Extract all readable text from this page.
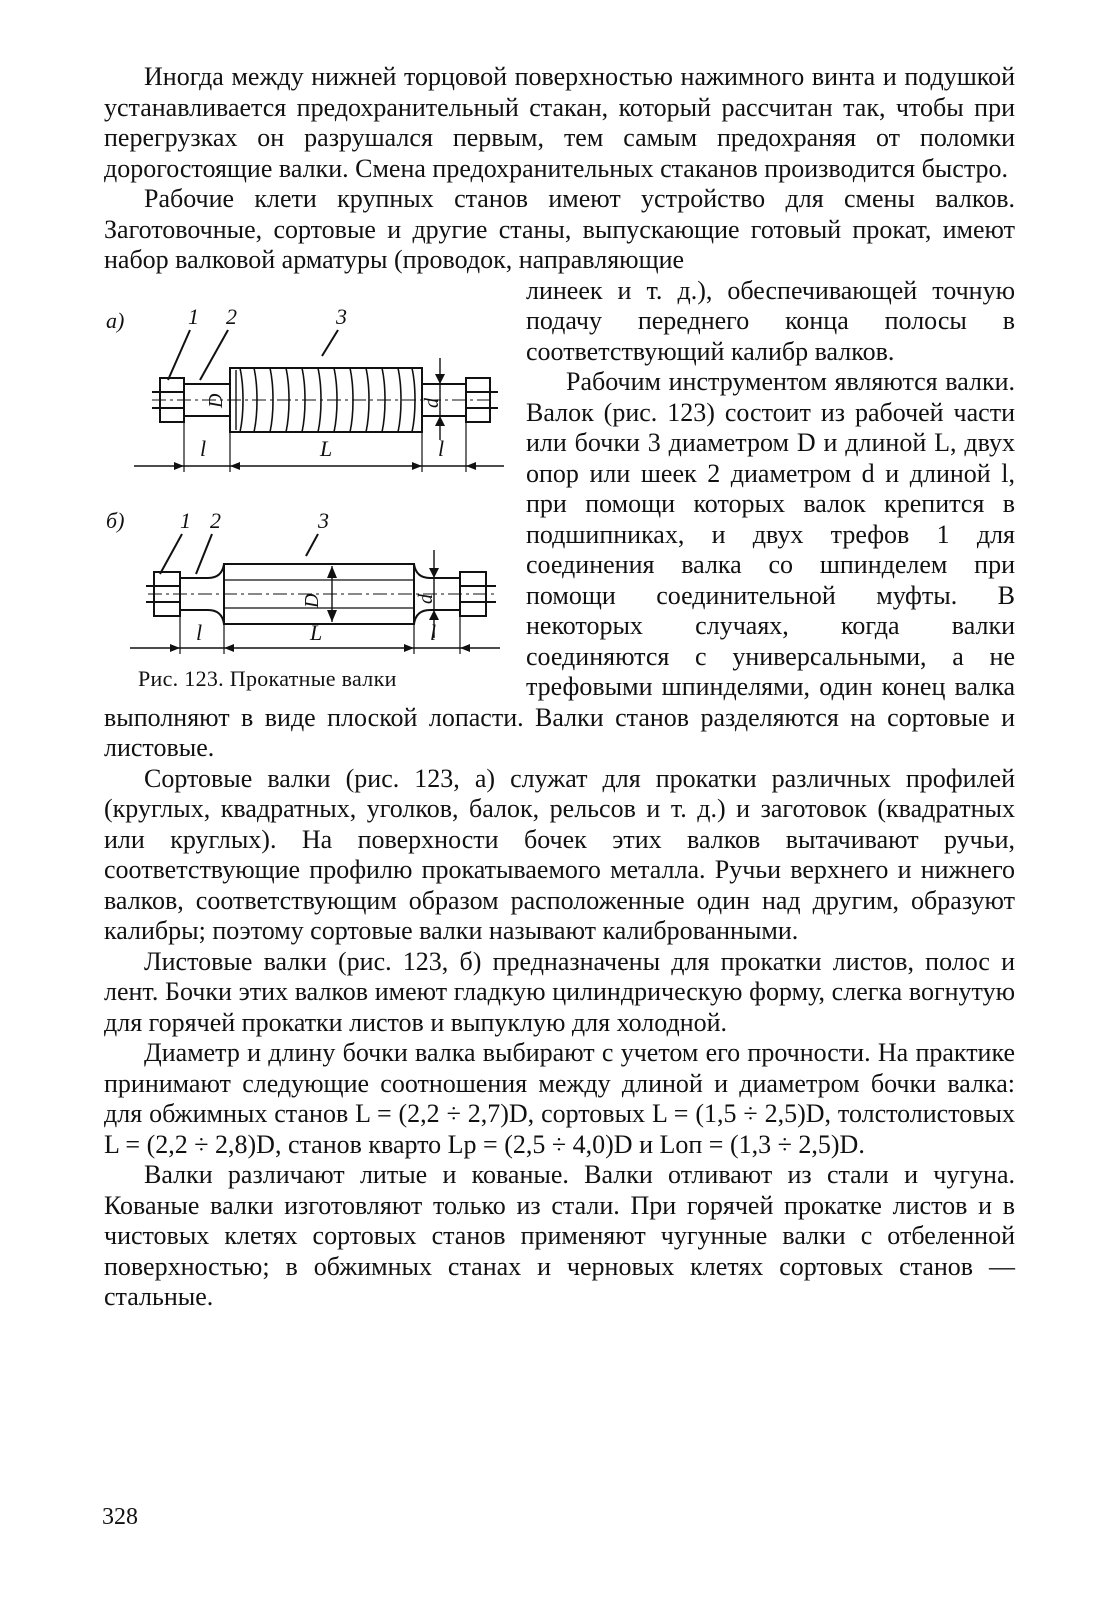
Иногда между нижней торцовой поверхностью нажимного винта и подушкой устанавливается предохранительный стакан, который рассчитан так, чтобы при перегрузках он разрушался первым, тем самым предохраняя от поломки дорогостоящие валки. Смена предохранительных стаканов производится быстро.

Рабочие клети крупных станов имеют устройство для смены валков. Заготовочные, сортовые и другие станы, выпускающие готовый прокат, имеют набор валковой арматуры (проводок, направляющие

а)	1 2	3
D	d
l	L	l
б)	1 2	3
D	d
l	L	l
Рис. 123. Прокатные валки

линеек и т. д.), обеспечивающей точную подачу переднего конца полосы в соответствующий калибр валков.

Рабочим инструментом являются валки. Валок (рис. 123) состоит из рабочей части или бочки 3 диаметром D и длиной L, двух опор или шеек 2 диаметром d и длиной l, при помощи которых валок крепится в подшипниках, и двух трефов 1 для соединения валка со шпинделем при помощи соединительной муфты. В некоторых случаях, когда валки соединяются с универсальными, а не трефовыми шпинделями, один конец валка выполняют в виде плоской лопасти. Валки станов разделяются на сортовые и листовые.

Сортовые валки (рис. 123, а) служат для прокатки различных профилей (круглых, квадратных, уголков, балок, рельсов и т. д.) и заготовок (квадратных или круглых). На поверхности бочек этих валков вытачивают ручьи, соответствующие профилю прокатываемого металла. Ручьи верхнего и нижнего валков, соответствующим образом расположенные один над другим, образуют калибры; поэтому сортовые валки называют калиброванными.

Листовые валки (рис. 123, б) предназначены для прокатки листов, полос и лент. Бочки этих валков имеют гладкую цилиндрическую форму, слегка вогнутую для горячей прокатки листов и выпуклую для холодной.

Диаметр и длину бочки валка выбирают с учетом его прочности. На практике принимают следующие соотношения между длиной и диаметром бочки валка: для обжимных станов L = (2,2 ÷ 2,7)D, сортовых L = (1,5 ÷ 2,5)D, толстолистовых L = (2,2 ÷ 2,8)D, станов кварто Lp = (2,5 ÷ 4,0)D и Lоп = (1,3 ÷ 2,5)D.

Валки различают литые и кованые. Валки отливают из стали и чугуна. Кованые валки изготовляют только из стали. При горячей прокатке листов и в чистовых клетях сортовых станов применяют чугунные валки с отбеленной поверхностью; в обжимных станах и черновых клетях сортовых станов — стальные.

328
